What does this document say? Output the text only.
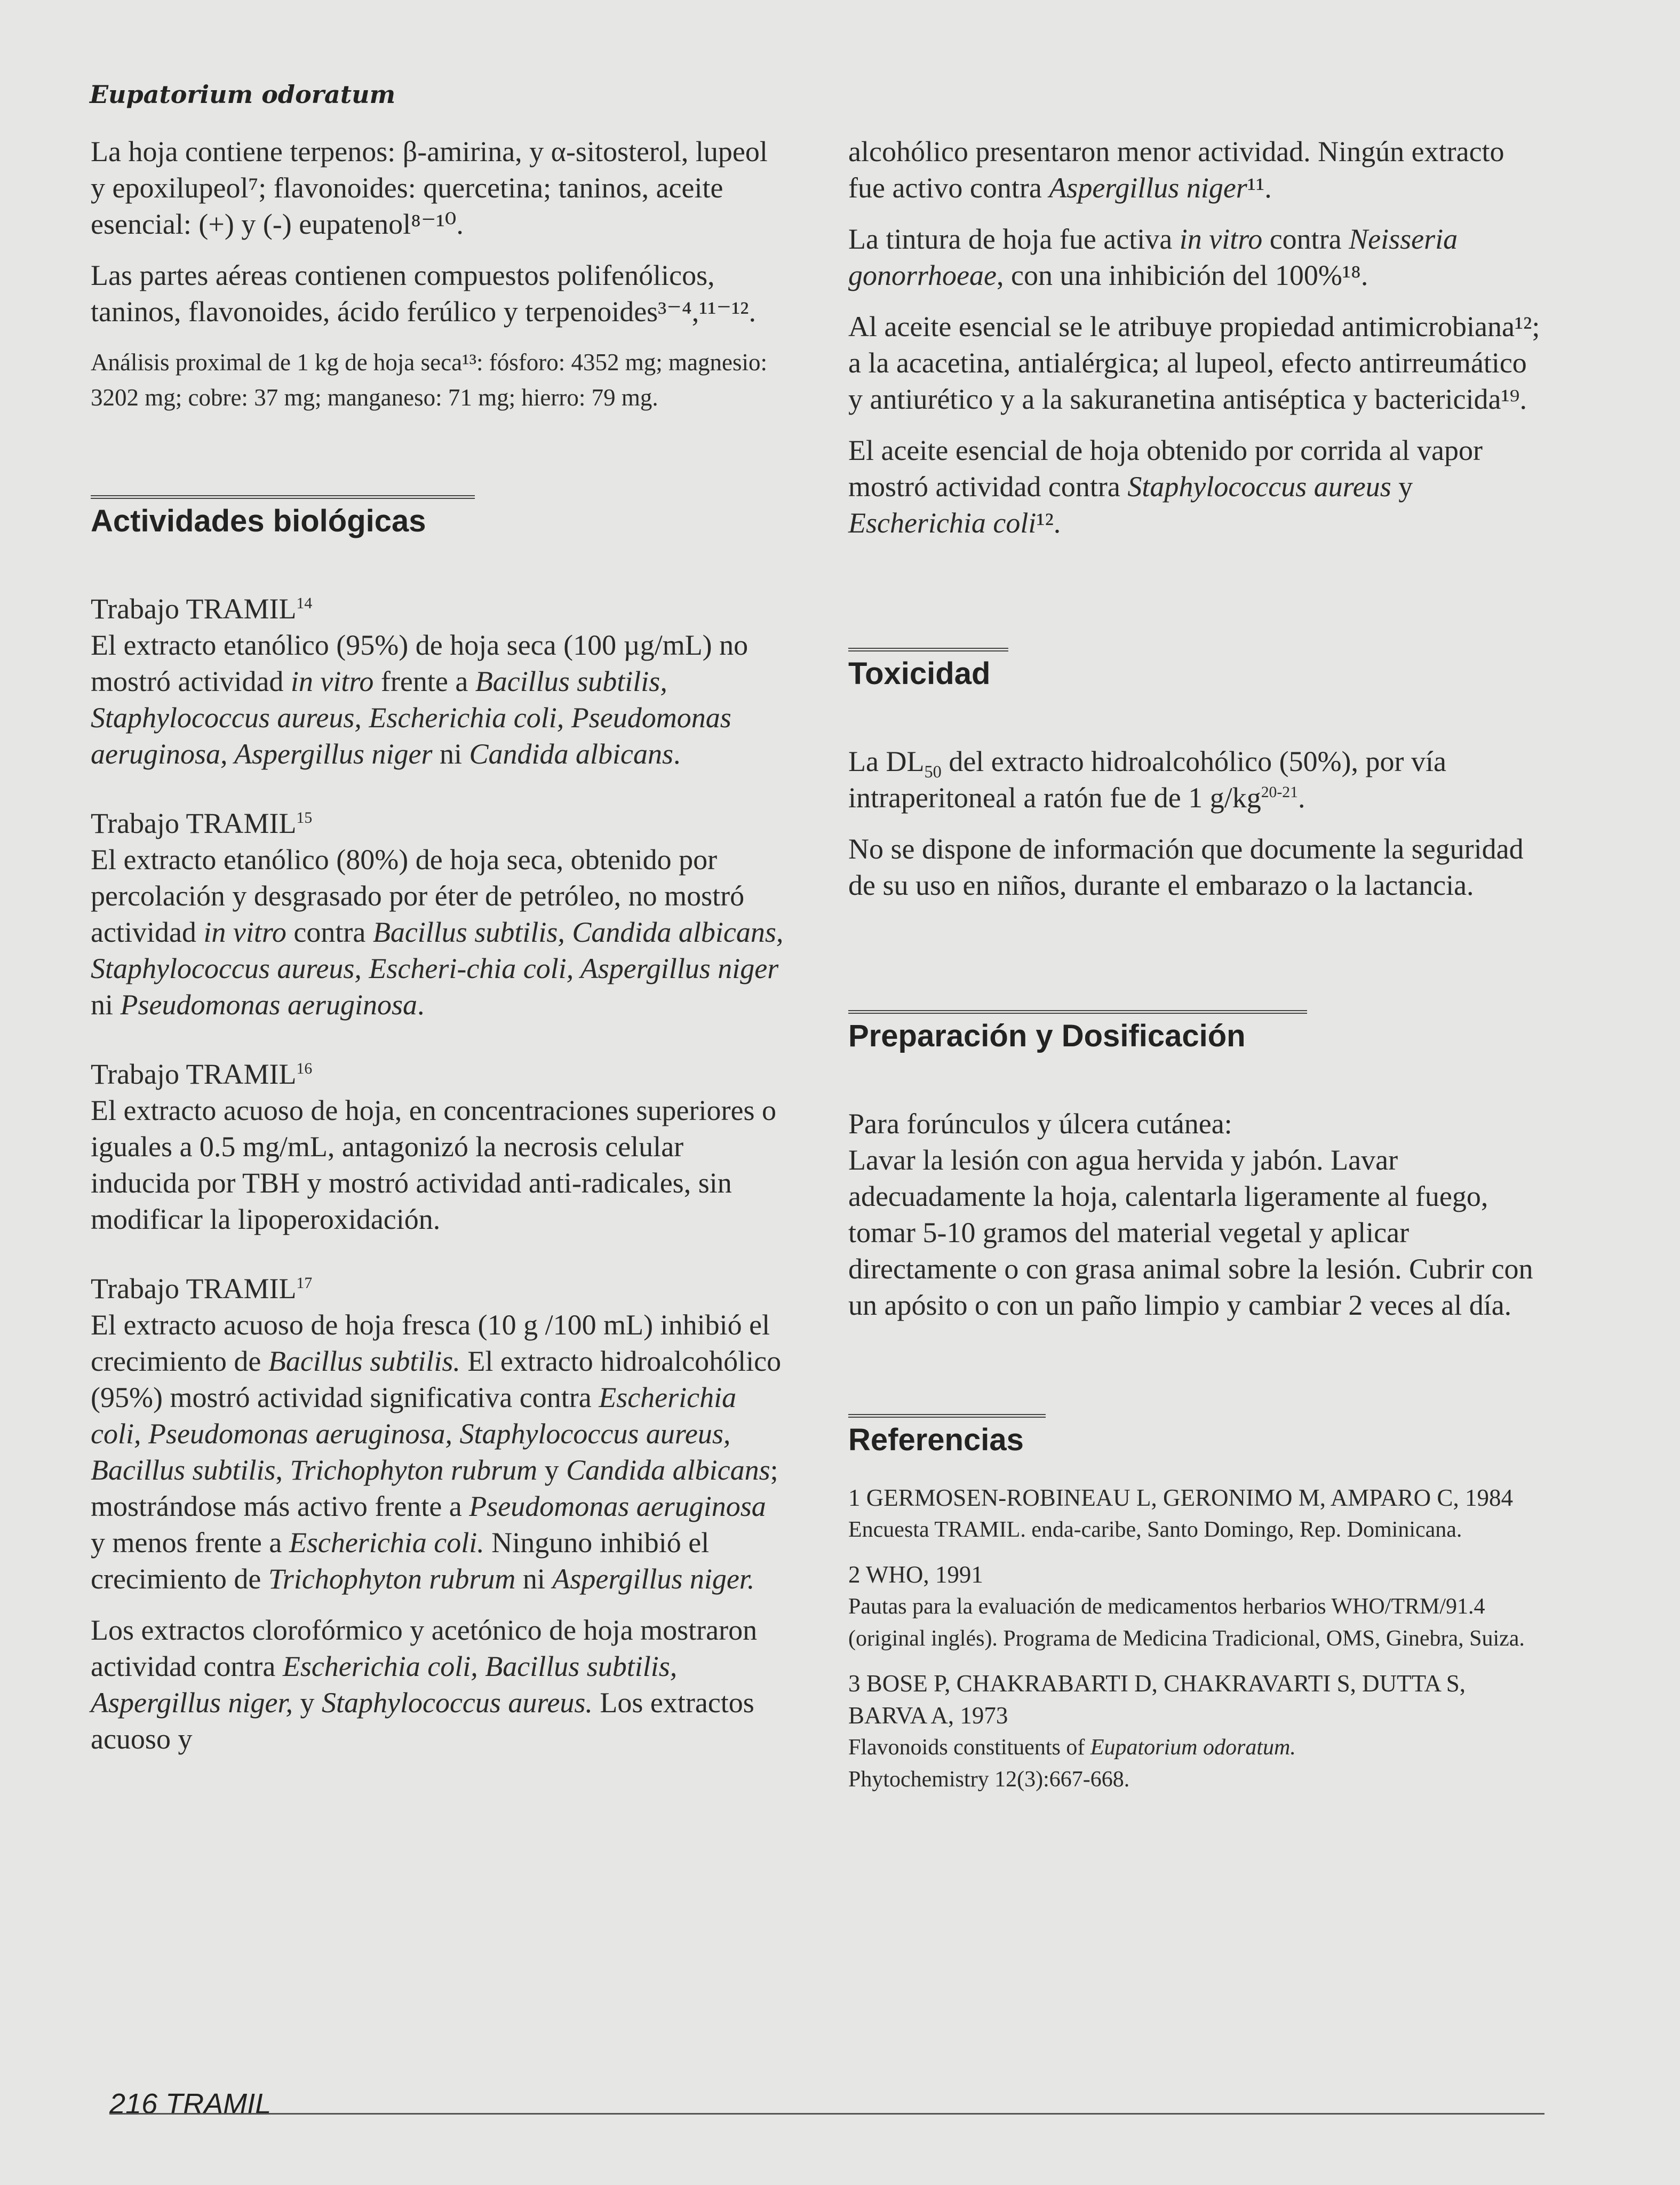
Eupatorium odoratum

La hoja contiene terpenos: β-amirina, y α-sitosterol, lupeol y epoxilupeol⁷; flavonoides: quercetina; taninos, aceite esencial: (+) y (-) eupatenol⁸⁻¹⁰.

Las partes aéreas contienen compuestos polifenólicos, taninos, flavonoides, ácido ferúlico y terpenoides³⁻⁴,¹¹⁻¹².

Análisis proximal de 1 kg de hoja seca¹³: fósforo: 4352 mg; magnesio: 3202 mg; cobre: 37 mg; manganeso: 71 mg; hierro: 79 mg.

Actividades biológicas

Trabajo TRAMIL$^{14}$
El extracto etanólico (95%) de hoja seca (100 µg/mL) no mostró actividad in vitro frente a Bacillus subtilis, Staphylococcus aureus, Escherichia coli, Pseudomonas aeruginosa, Aspergillus niger ni Candida albicans.

Trabajo TRAMIL$^{15}$
El extracto etanólico (80%) de hoja seca, obtenido por percolación y desgrasado por éter de petróleo, no mostró actividad in vitro contra Bacillus subtilis, Candida albicans, Staphylococcus aureus, Escheri-chia coli, Aspergillus niger ni Pseudomonas aeruginosa.

Trabajo TRAMIL$^{16}$
El extracto acuoso de hoja, en concentraciones superiores o iguales a 0.5 mg/mL, antagonizó la necrosis celular inducida por TBH y mostró actividad anti-radicales, sin modificar la lipoperoxidación.

Trabajo TRAMIL$^{17}$
El extracto acuoso de hoja fresca (10 g /100 mL) inhibió el crecimiento de Bacillus subtilis. El extracto hidroalcohólico (95%) mostró actividad significativa contra Escherichia coli, Pseudomonas aeruginosa, Staphylococcus aureus, Bacillus subtilis, Trichophyton rubrum y Candida albicans; mostrándose más activo frente a Pseudomonas aeruginosa y menos frente a Escherichia coli. Ninguno inhibió el crecimiento de Trichophyton rubrum ni Aspergillus niger.

Los extractos clorofórmico y acetónico de hoja mostraron actividad contra Escherichia coli, Bacillus subtilis, Aspergillus niger, y Staphylococcus aureus. Los extractos acuoso y

alcohólico presentaron menor actividad. Ningún extracto fue activo contra Aspergillus niger¹¹.

La tintura de hoja fue activa in vitro contra Neisseria gonorrhoeae, con una inhibición del 100%¹⁸.

Al aceite esencial se le atribuye propiedad antimicrobiana¹²; a la acacetina, antialérgica; al lupeol, efecto antirreumático y antiurético y a la sakuranetina antiséptica y bactericida¹⁹.

El aceite esencial de hoja obtenido por corrida al vapor mostró actividad contra Staphylococcus aureus y Escherichia coli¹².

Toxicidad

La $DL_{50}$ del extracto hidroalcohólico (50%), por vía intraperitoneal a ratón fue de 1 $g/kg^{20-21}$.

No se dispone de información que documente la seguridad de su uso en niños, durante el embarazo o la lactancia.

Preparación y Dosificación

Para forúnculos y úlcera cutánea:

Lavar la lesión con agua hervida y jabón. Lavar adecuadamente la hoja, calentarla ligeramente al fuego, tomar 5-10 gramos del material vegetal y aplicar directamente o con grasa animal sobre la lesión. Cubrir con un apósito o con un paño limpio y cambiar 2 veces al día.

Referencias
1 GERMOSEN-ROBINEAU L, GERONIMO M, AMPARO C, 1984
Encuesta TRAMIL. enda-caribe, Santo Domingo, Rep. Dominicana.
2 WHO, 1991
Pautas para la evaluación de medicamentos herbarios WHO/TRM/91.4 (original inglés). Programa de Medicina Tradicional, OMS, Ginebra, Suiza.
3 BOSE P, CHAKRABARTI D, CHAKRAVARTI S, DUTTA S, BARVA A, 1973
Flavonoids constituents of Eupatorium odoratum.
Phytochemistry 12(3):667-668.
216 TRAMIL
